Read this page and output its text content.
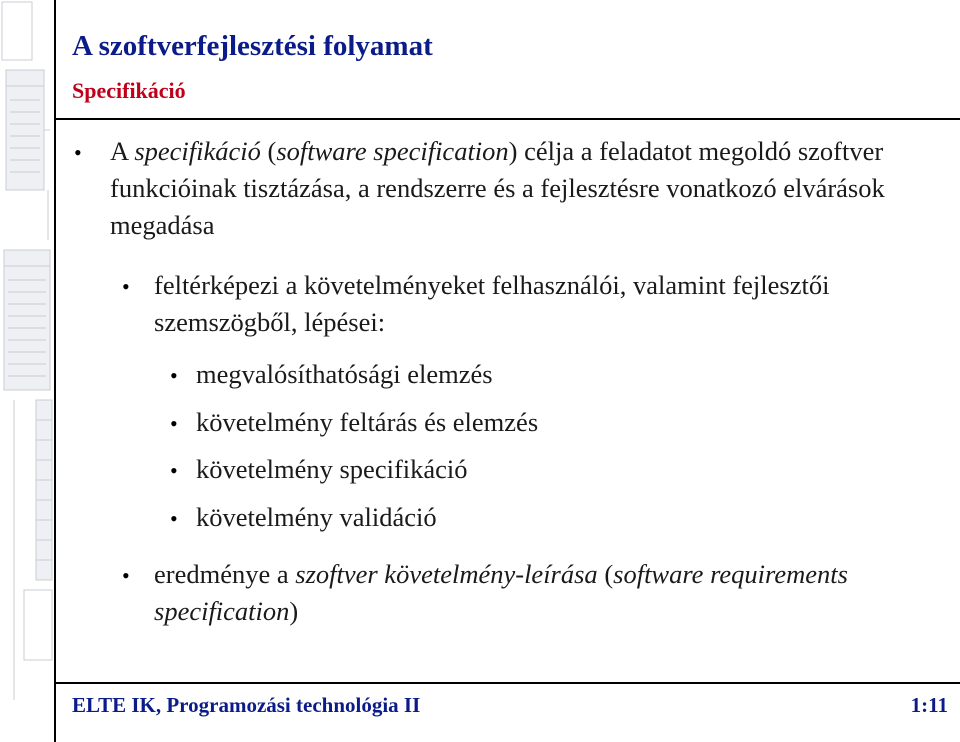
A szoftverfejlesztési folyamat
Specifikáció
• A specifikáció (software specification) célja a feladatot megoldó szoftver funkcióinak tisztázása, a rendszerre és a fejlesztésre vonatkozó elvárások megadása
• feltérképezi a követelményeket felhasználói, valamint fejlesztői szemszögből, lépései:
• megvalósíthatósági elemzés
• követelmény feltárás és elemzés
• követelmény specifikáció
• követelmény validáció
• eredménye a szoftver követelmény-leírása (software requirements specification)
ELTE IK, Programozási technológia II	1:11
